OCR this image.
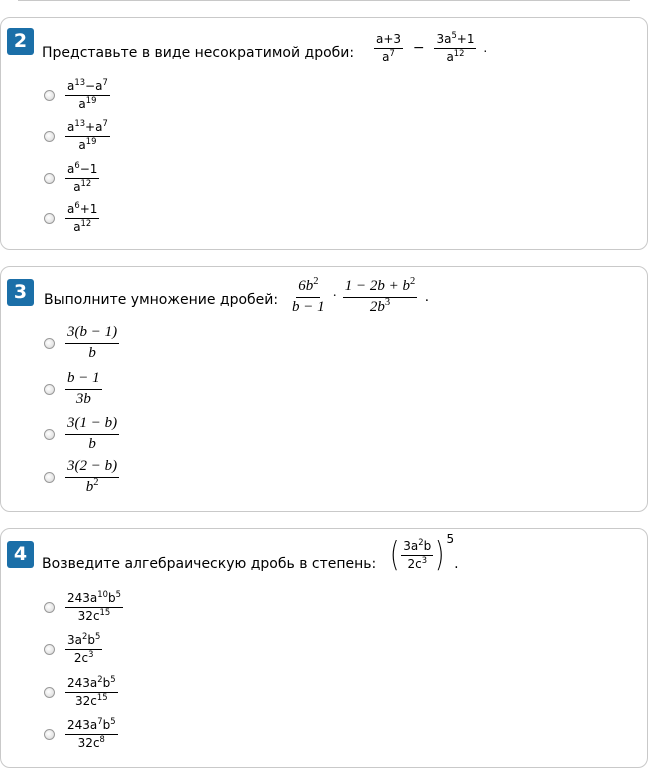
2
Представьте в виде несократимой дроби: $\frac{a+3}{a^7} - \frac{3a^5+1}{a^{12}}$ .
$\frac{a^{13}-a^7}{a^{19}}$
$\frac{a^{13}+a^7}{a^{19}}$
$\frac{a^6-1}{a^{12}}$
$\frac{a^6+1}{a^{12}}$
3	Выполните умножение дробей: $\frac{6b^2}{b - 1} \cdot \frac{1 - 2b + b^2}{2b^3}$ .
$\frac{3(b - 1)}{b}$
$\frac{b - 1}{3b}$
$\frac{3(1 - b)}{b}$
$\frac{3(2 - b)}{b^2}$
4	Возведите алгебраическую дробь в степень: ( $\frac{3a^2b}{2c^3}$ ) 5.
$\frac{243a^{10}b^5}{32c^{15}}$
$\frac{3a^2b^5}{2c^3}$
$\frac{243a^2b^5}{32c^{15}}$
$\frac{243a^7b^5}{32c^8}$
